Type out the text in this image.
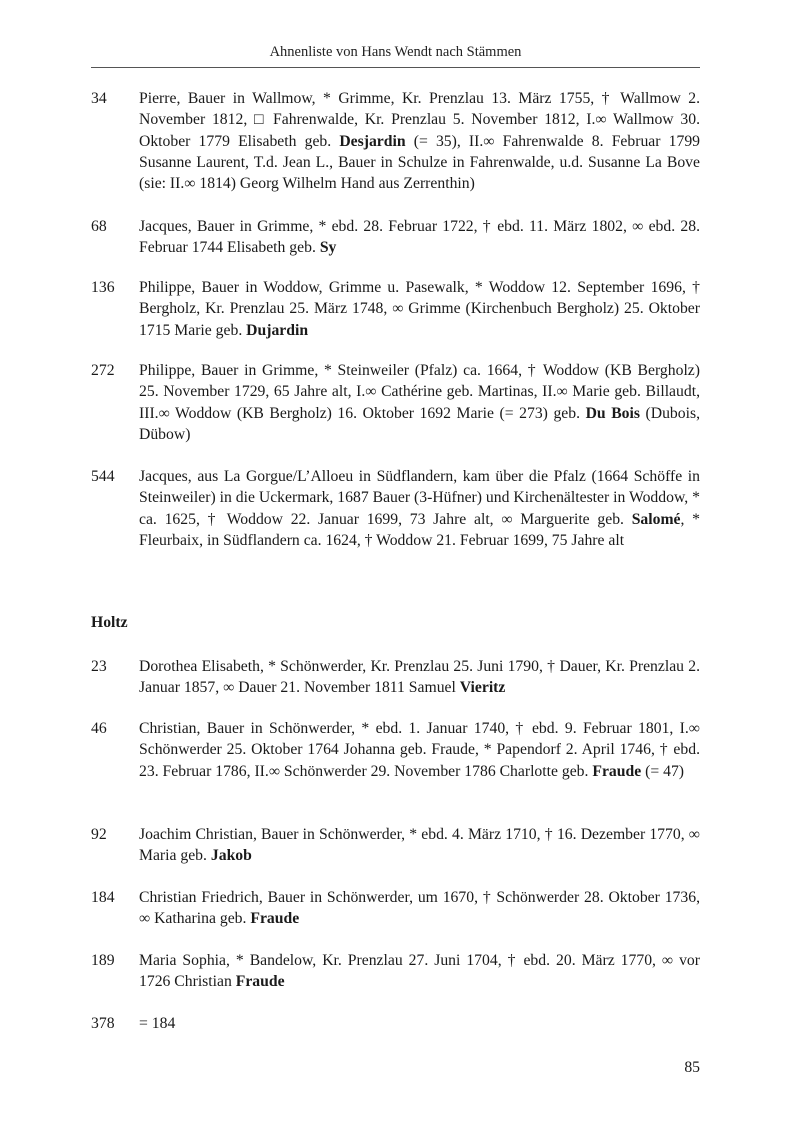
Ahnenliste von Hans Wendt nach Stämmen
34	Pierre, Bauer in Wallmow, * Grimme, Kr. Prenzlau 13. März 1755, † Wallmow 2. November 1812, □ Fahrenwalde, Kr. Prenzlau 5. November 1812, I.∞ Wallmow 30. Oktober 1779 Elisabeth geb. Desjardin (= 35), II.∞ Fahrenwalde 8. Februar 1799 Susanne Laurent, T.d. Jean L., Bauer in Schulze in Fahrenwalde, u.d. Susanne La Bove (sie: II.∞ 1814) Georg Wilhelm Hand aus Zerrenthin)
68	Jacques, Bauer in Grimme, * ebd. 28. Februar 1722, † ebd. 11. März 1802, ∞ ebd. 28. Februar 1744 Elisabeth geb. Sy
136	Philippe, Bauer in Woddow, Grimme u. Pasewalk, * Woddow 12. September 1696, † Bergholz, Kr. Prenzlau 25. März 1748, ∞ Grimme (Kirchenbuch Bergholz) 25. Oktober 1715 Marie geb. Dujardin
272	Philippe, Bauer in Grimme, * Steinweiler (Pfalz) ca. 1664, † Woddow (KB Bergholz) 25. November 1729, 65 Jahre alt, I.∞ Cathérine geb. Martinas, II.∞ Marie geb. Billaudt, III.∞ Woddow (KB Bergholz) 16. Oktober 1692 Marie (= 273) geb. Du Bois (Dubois, Dübow)
544	Jacques, aus La Gorgue/L’Alloeu in Südflandern, kam über die Pfalz (1664 Schöffe in Steinweiler) in die Uckermark, 1687 Bauer (3-Hüfner) und Kirchenältester in Woddow, * ca. 1625, † Woddow 22. Januar 1699, 73 Jahre alt, ∞ Marguerite geb. Salomé, * Fleurbaix, in Südflandern ca. 1624, † Woddow 21. Februar 1699, 75 Jahre alt
Holtz
23	Dorothea Elisabeth, * Schönwerder, Kr. Prenzlau 25. Juni 1790, † Dauer, Kr. Prenzlau 2. Januar 1857, ∞ Dauer 21. November 1811 Samuel Vieritz
46	Christian, Bauer in Schönwerder, * ebd. 1. Januar 1740, † ebd. 9. Februar 1801, I.∞ Schönwerder 25. Oktober 1764 Johanna geb. Fraude, * Papendorf 2. April 1746, † ebd. 23. Februar 1786, II.∞ Schönwerder 29. November 1786 Charlotte geb. Fraude (= 47)
92	Joachim Christian, Bauer in Schönwerder, * ebd. 4. März 1710, † 16. Dezember 1770, ∞ Maria geb. Jakob
184	Christian Friedrich, Bauer in Schönwerder, um 1670, † Schönwerder 28. Oktober 1736, ∞ Katharina geb. Fraude
189	Maria Sophia, * Bandelow, Kr. Prenzlau 27. Juni 1704, † ebd. 20. März 1770, ∞ vor 1726 Christian Fraude
378	= 184
85
